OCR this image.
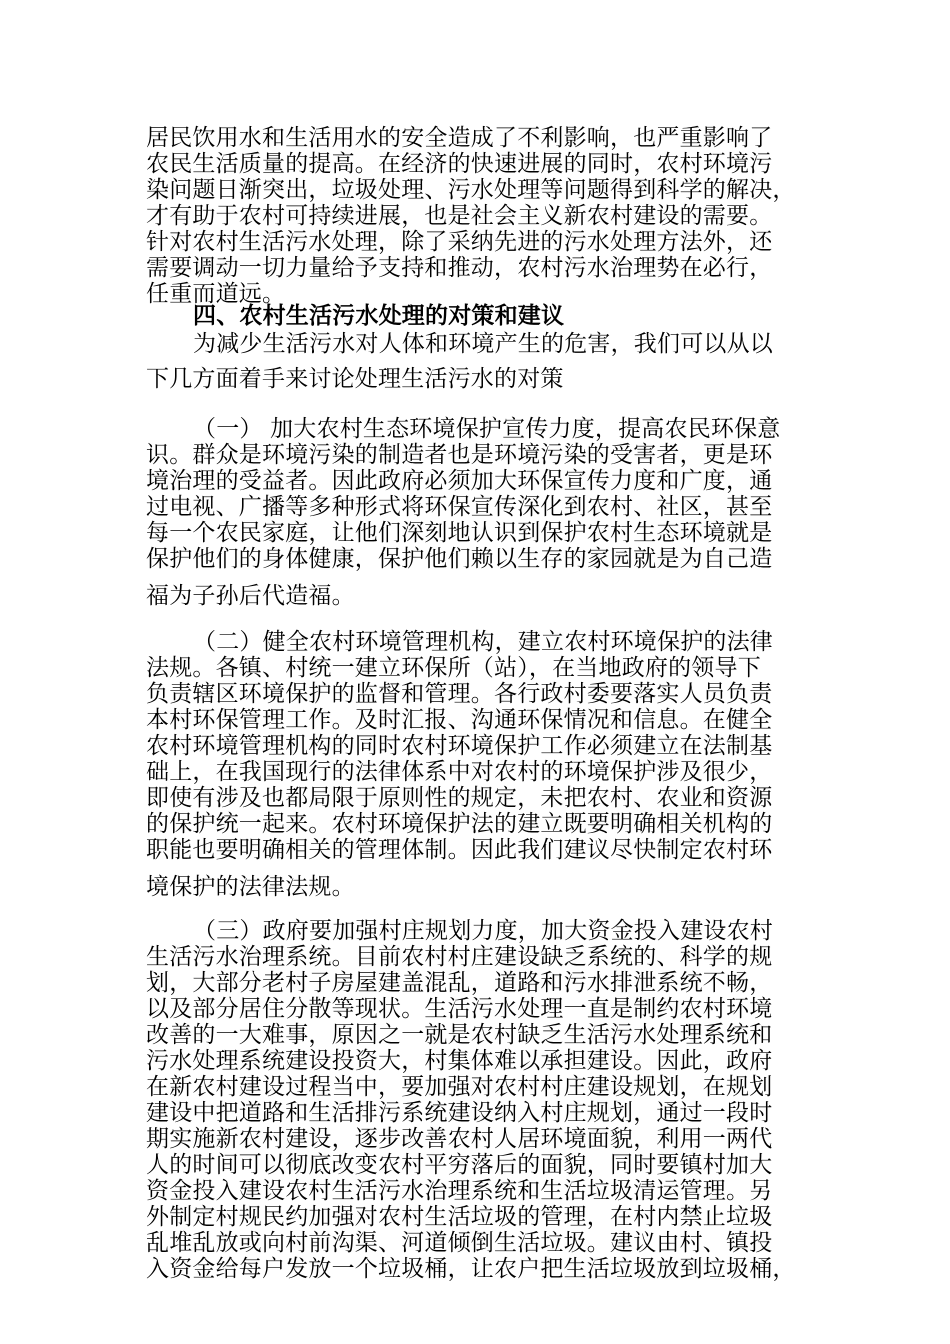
居民饮用水和生活用水的安全造成了不利影响，也严重影响了
农民生活质量的提高。在经济的快速进展的同时，农村环境污
染问题日渐突出，垃圾处理、污水处理等问题得到科学的解决，
才有助于农村可持续进展，也是社会主义新农村建设的需要。
针对农村生活污水处理，除了采纳先进的污水处理方法外，还
需要调动一切力量给予支持和推动，农村污水治理势在必行，
任重而道远。
四、农村生活污水处理的对策和建议
为减少生活污水对人体和环境产生的危害，我们可以从以
下几方面着手来讨论处理生活污水的对策
（一） 加大农村生态环境保护宣传力度，提高农民环保意
识。群众是环境污染的制造者也是环境污染的受害者，更是环
境治理的受益者。因此政府必须加大环保宣传力度和广度，通
过电视、广播等多种形式将环保宣传深化到农村、社区，甚至
每一个农民家庭，让他们深刻地认识到保护农村生态环境就是
保护他们的身体健康，保护他们赖以生存的家园就是为自己造
福为子孙后代造福。
（二）健全农村环境管理机构，建立农村环境保护的法律
法规。各镇、村统一建立环保所（站），在当地政府的领导下
负责辖区环境保护的监督和管理。各行政村委要落实人员负责
本村环保管理工作。及时汇报、沟通环保情况和信息。在健全
农村环境管理机构的同时农村环境保护工作必须建立在法制基
础上，在我国现行的法律体系中对农村的环境保护涉及很少，
即使有涉及也都局限于原则性的规定，未把农村、农业和资源
的保护统一起来。农村环境保护法的建立既要明确相关机构的
职能也要明确相关的管理体制。因此我们建议尽快制定农村环
境保护的法律法规。
（三）政府要加强村庄规划力度，加大资金投入建设农村
生活污水治理系统。目前农村村庄建设缺乏系统的、科学的规
划，大部分老村子房屋建盖混乱，道路和污水排泄系统不畅，
以及部分居住分散等现状。生活污水处理一直是制约农村环境
改善的一大难事，原因之一就是农村缺乏生活污水处理系统和
污水处理系统建设投资大，村集体难以承担建设。因此，政府
在新农村建设过程当中，要加强对农村村庄建设规划，在规划
建设中把道路和生活排污系统建设纳入村庄规划，通过一段时
期实施新农村建设，逐步改善农村人居环境面貌，利用一两代
人的时间可以彻底改变农村平穷落后的面貌，同时要镇村加大
资金投入建设农村生活污水治理系统和生活垃圾清运管理。另
外制定村规民约加强对农村生活垃圾的管理，在村内禁止垃圾
乱堆乱放或向村前沟渠、河道倾倒生活垃圾。建议由村、镇投
入资金给每户发放一个垃圾桶，让农户把生活垃圾放到垃圾桶，
